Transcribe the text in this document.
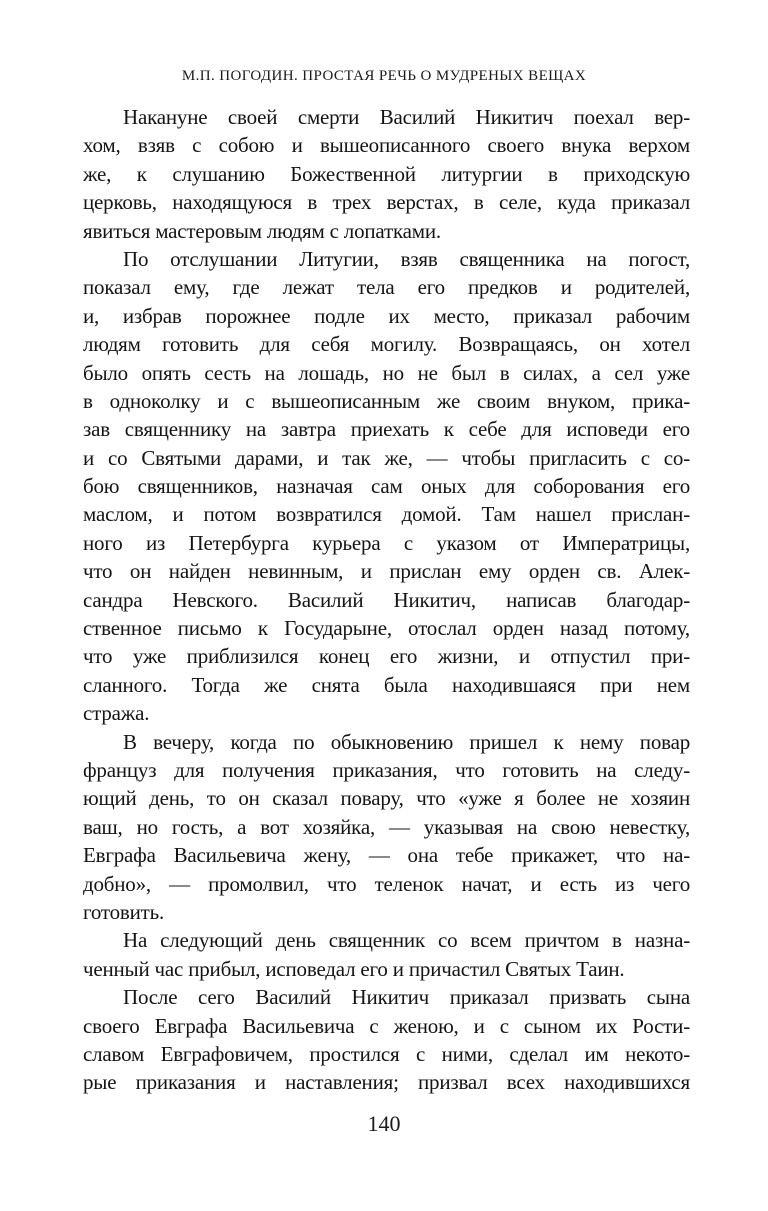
М.П. ПОГОДИН. ПРОСТАЯ РЕЧЬ О МУДРЕНЫХ ВЕЩАХ
Накануне своей смерти Василий Никитич поехал вер-
хом, взяв с собою и вышеописанного своего внука верхом
же, к слушанию Божественной литургии в приходскую
церковь, находящуюся в трех верстах, в селе, куда приказал
явиться мастеровым людям с лопатками.
По отслушании Литугии, взяв священника на погост,
показал ему, где лежат тела его предков и родителей,
и, избрав порожнее подле их место, приказал рабочим
людям готовить для себя могилу. Возвращаясь, он хотел
было опять сесть на лошадь, но не был в силах, а сел уже
в одноколку и с вышеописанным же своим внуком, прика-
зав священнику на завтра приехать к себе для исповеди его
и со Святыми дарами, и так же, — чтобы пригласить с со-
бою священников, назначая сам оных для соборования его
маслом, и потом возвратился домой. Там нашел прислан-
ного из Петербурга курьера с указом от Императрицы,
что он найден невинным, и прислан ему орден св. Алек-
сандра Невского. Василий Никитич, написав благодар-
ственное письмо к Государыне, отослал орден назад потому,
что уже приблизился конец его жизни, и отпустил при-
сланного. Тогда же снята была находившаяся при нем
стража.
В вечеру, когда по обыкновению пришел к нему повар
француз для получения приказания, что готовить на следу-
ющий день, то он сказал повару, что «уже я более не хозяин
ваш, но гость, а вот хозяйка, — указывая на свою невестку,
Евграфа Васильевича жену, — она тебе прикажет, что на-
добно», — промолвил, что теленок начат, и есть из чего
готовить.
На следующий день священник со всем причтом в назна-
ченный час прибыл, исповедал его и причастил Святых Таин.
После сего Василий Никитич приказал призвать сына
своего Евграфа Васильевича с женою, и с сыном их Рости-
славом Евграфовичем, простился с ними, сделал им некото-
рые приказания и наставления; призвал всех находившихся
140
